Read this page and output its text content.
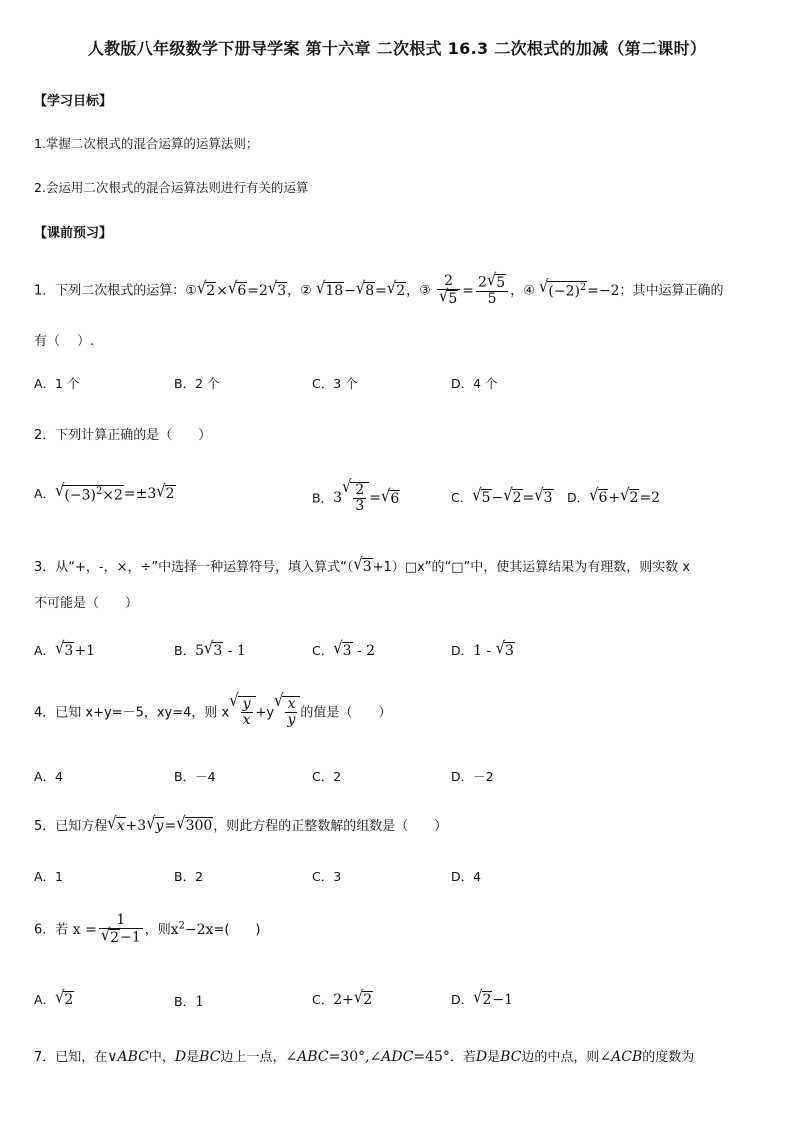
人教版八年级数学下册导学案 第十六章 二次根式 16.3 二次根式的加减（第二课时）
【学习目标】
1.掌握二次根式的混合运算的运算法则；
2.会运用二次根式的混合运算法则进行有关的运算
【课前预习】
1．下列二次根式的运算：① √ 2 × √ 6 =2 √ 3 ，② √ 18 − √ 8 = √ 2 ，③ $\frac{2}{√ 5} = \frac{2 √ 5}{5}$ ，④ √ $(-2)^2 =-2$；其中运算正确的
有（　 ）.
A．1 个	B．2 个	C．3 个	D．4 个
2．下列计算正确的是（　　）
A． √ $(-3)^2\times 2 =\pm 3$ √ 2	B．3
√ $\frac{2}{3}$ = √ 6	C． √ 5 − √ 2 = √ 3 D． √ 6 + √ 2 =2
3．从“+，-，×，÷”中选择一种运算符号，填入算式“（ √ 3 +1）□x”的“□”中，使其运算结果为有理数，则实数 x
不可能是（　　）
A． √ 3 +1	B．5 √ 3 - 1	C． √ 3 - 2	D．1 - √ 3
4．已知 x+y=－5，xy=4，则 x
√ $\frac{y}{x} +y$
√ $\frac{x}{y}$ 的值是（　　）
A．4	B．－4	C．2	D．－2
5．已知方程 √ x +3 √ y = √ 300 ，则此方程的正整数解的组数是（　　）
A．1	B．2	C．3	D．4
6．若 $x = \frac{1}{√ 2 -1}$ ，则$x^2-2x=$(　　)
A． √ 2	B．1	C．2+ √ 2	D． √ 2 −1
7．已知，在∨ABC中，D是BC边上一点，∠ABC=30°,∠ADC=45°．若D是BC边的中点，则∠ACB的度数为
